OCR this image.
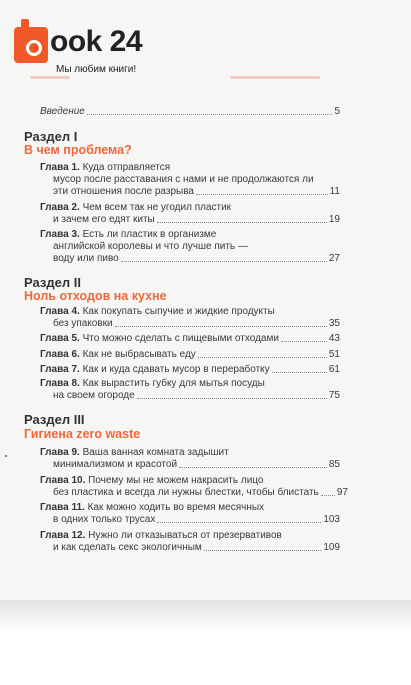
ook 24
Мы любим книги!
Введение	5
Раздел I
В чем проблема?
Глава 1. Куда отправляется
мусор после расставания с нами и не продолжаются ли
эти отношения после разрыва	11
Глава 2. Чем всем так не угодил пластик
и зачем его едят киты	19
Глава 3. Есть ли пластик в организме
английской королевы и что лучше пить —
воду или пиво	27
Раздел II
Ноль отходов на кухне
Глава 4. Как покупать сыпучие и жидкие продукты
без упаковки	35
Глава 5. Что можно сделать с пищевыми отходами	43
Глава 6. Как не выбрасывать еду	51
Глава 7. Как и куда сдавать мусор в переработку	61
Глава 8. Как вырастить губку для мытья посуды
на своем огороде	75
Раздел III
Гигиена zero waste
Глава 9. Ваша ванная комната задышит
минимализмом и красотой	85
Глава 10. Почему мы не можем накрасить лицо
без пластика и всегда ли нужны блестки, чтобы блистать 97
Глава 11. Как можно ходить во время месячных
в одних только трусах	103
Глава 12. Нужно ли отказываться от презервативов
и как сделать секс экологичным	109
